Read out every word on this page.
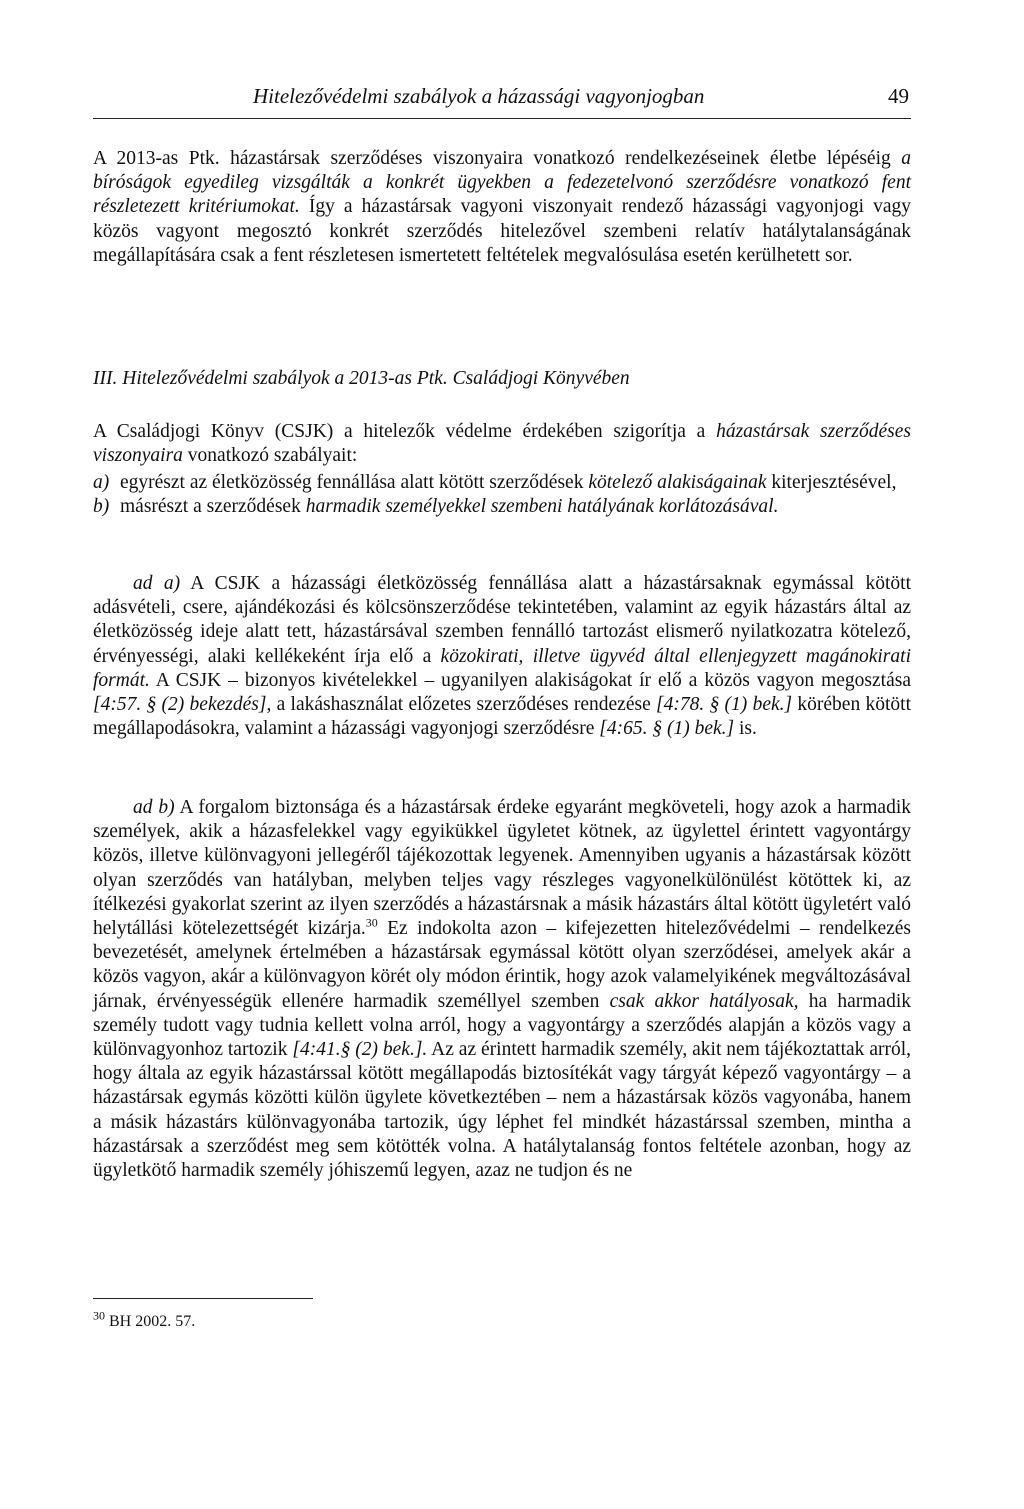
Hitelezővédelmi szabályok a házassági vagyonjogban	49

A 2013-as Ptk. házastársak szerződéses viszonyaira vonatkozó rendelkezéseinek életbe lépéséig a bíróságok egyedileg vizsgálták a konkrét ügyekben a fedezetelvonó szerződésre vonatkozó fent részletezett kritériumokat. Így a házastársak vagyoni viszonyait rendező házassági vagyonjogi vagy közös vagyont megosztó konkrét szerződés hitelezővel szembeni relatív hatálytalanságának megállapítására csak a fent részletesen ismertetett feltételek megvalósulása esetén kerülhetett sor.

III. Hitelezővédelmi szabályok a 2013-as Ptk. Családjogi Könyvében

A Családjogi Könyv (CSJK) a hitelezők védelme érdekében szigorítja a házastársak szerződéses viszonyaira vonatkozó szabályait:

a) egyrészt az életközösség fennállása alatt kötött szerződések kötelező alakiságainak kiterjesztésével,
b) másrészt a szerződések harmadik személyekkel szembeni hatályának korlátozásával.

ad a) A CSJK a házassági életközösség fennállása alatt a házastársaknak egymással kötött adásvételi, csere, ajándékozási és kölcsönszerződése tekintetében, valamint az egyik házastárs által az életközösség ideje alatt tett, házastársával szemben fennálló tartozást elismerő nyilatkozatra kötelező, érvényességi, alaki kellékeként írja elő a közokirati, illetve ügyvéd által ellenjegyzett magánokirati formát. A CSJK – bizonyos kivételekkel – ugyanilyen alakiságokat ír elő a közös vagyon megosztása [4:57. § (2) bekezdés], a lakáshasználat előzetes szerződéses rendezése [4:78. § (1) bek.] körében kötött megállapodásokra, valamint a házassági vagyonjogi szerződésre [4:65. § (1) bek.] is.

ad b) A forgalom biztonsága és a házastársak érdeke egyaránt megköveteli, hogy azok a harmadik személyek, akik a házasfelekkel vagy egyikükkel ügyletet kötnek, az ügylettel érintett vagyontárgy közös, illetve különvagyoni jellegéről tájékozottak legyenek. Amennyiben ugyanis a házastársak között olyan szerződés van hatályban, melyben teljes vagy részleges vagyonelkülönülést kötöttek ki, az ítélkezési gyakorlat szerint az ilyen szerződés a házastársnak a másik házastárs által kötött ügyletért való helytállási kötelezettségét kizárja.$^{30}$ Ez indokolta azon – kifejezetten hitelezővédelmi – rendelkezés bevezetését, amelynek értelmében a házastársak egymással kötött olyan szerződései, amelyek akár a közös vagyon, akár a különvagyon körét oly módon érintik, hogy azok valamelyikének megváltozásával járnak, érvényességük ellenére harmadik személlyel szemben csak akkor hatályosak, ha harmadik személy tudott vagy tudnia kellett volna arról, hogy a vagyontárgy a szerződés alapján a közös vagy a különvagyonhoz tartozik [4:41.§ (2) bek.]. Az az érintett harmadik személy, akit nem tájékoztattak arról, hogy általa az egyik házastárssal kötött megállapodás biztosítékát vagy tárgyát képező vagyontárgy – a házastársak egymás közötti külön ügylete következtében – nem a házastársak közös vagyonába, hanem a másik házastárs különvagyonába tartozik, úgy léphet fel mindkét házastárssal szemben, mintha a házastársak a szerződést meg sem kötötték volna. A hatálytalanság fontos feltétele azonban, hogy az ügyletkötő harmadik személy jóhiszemű legyen, azaz ne tudjon és ne

$^{30}$ BH 2002. 57.
